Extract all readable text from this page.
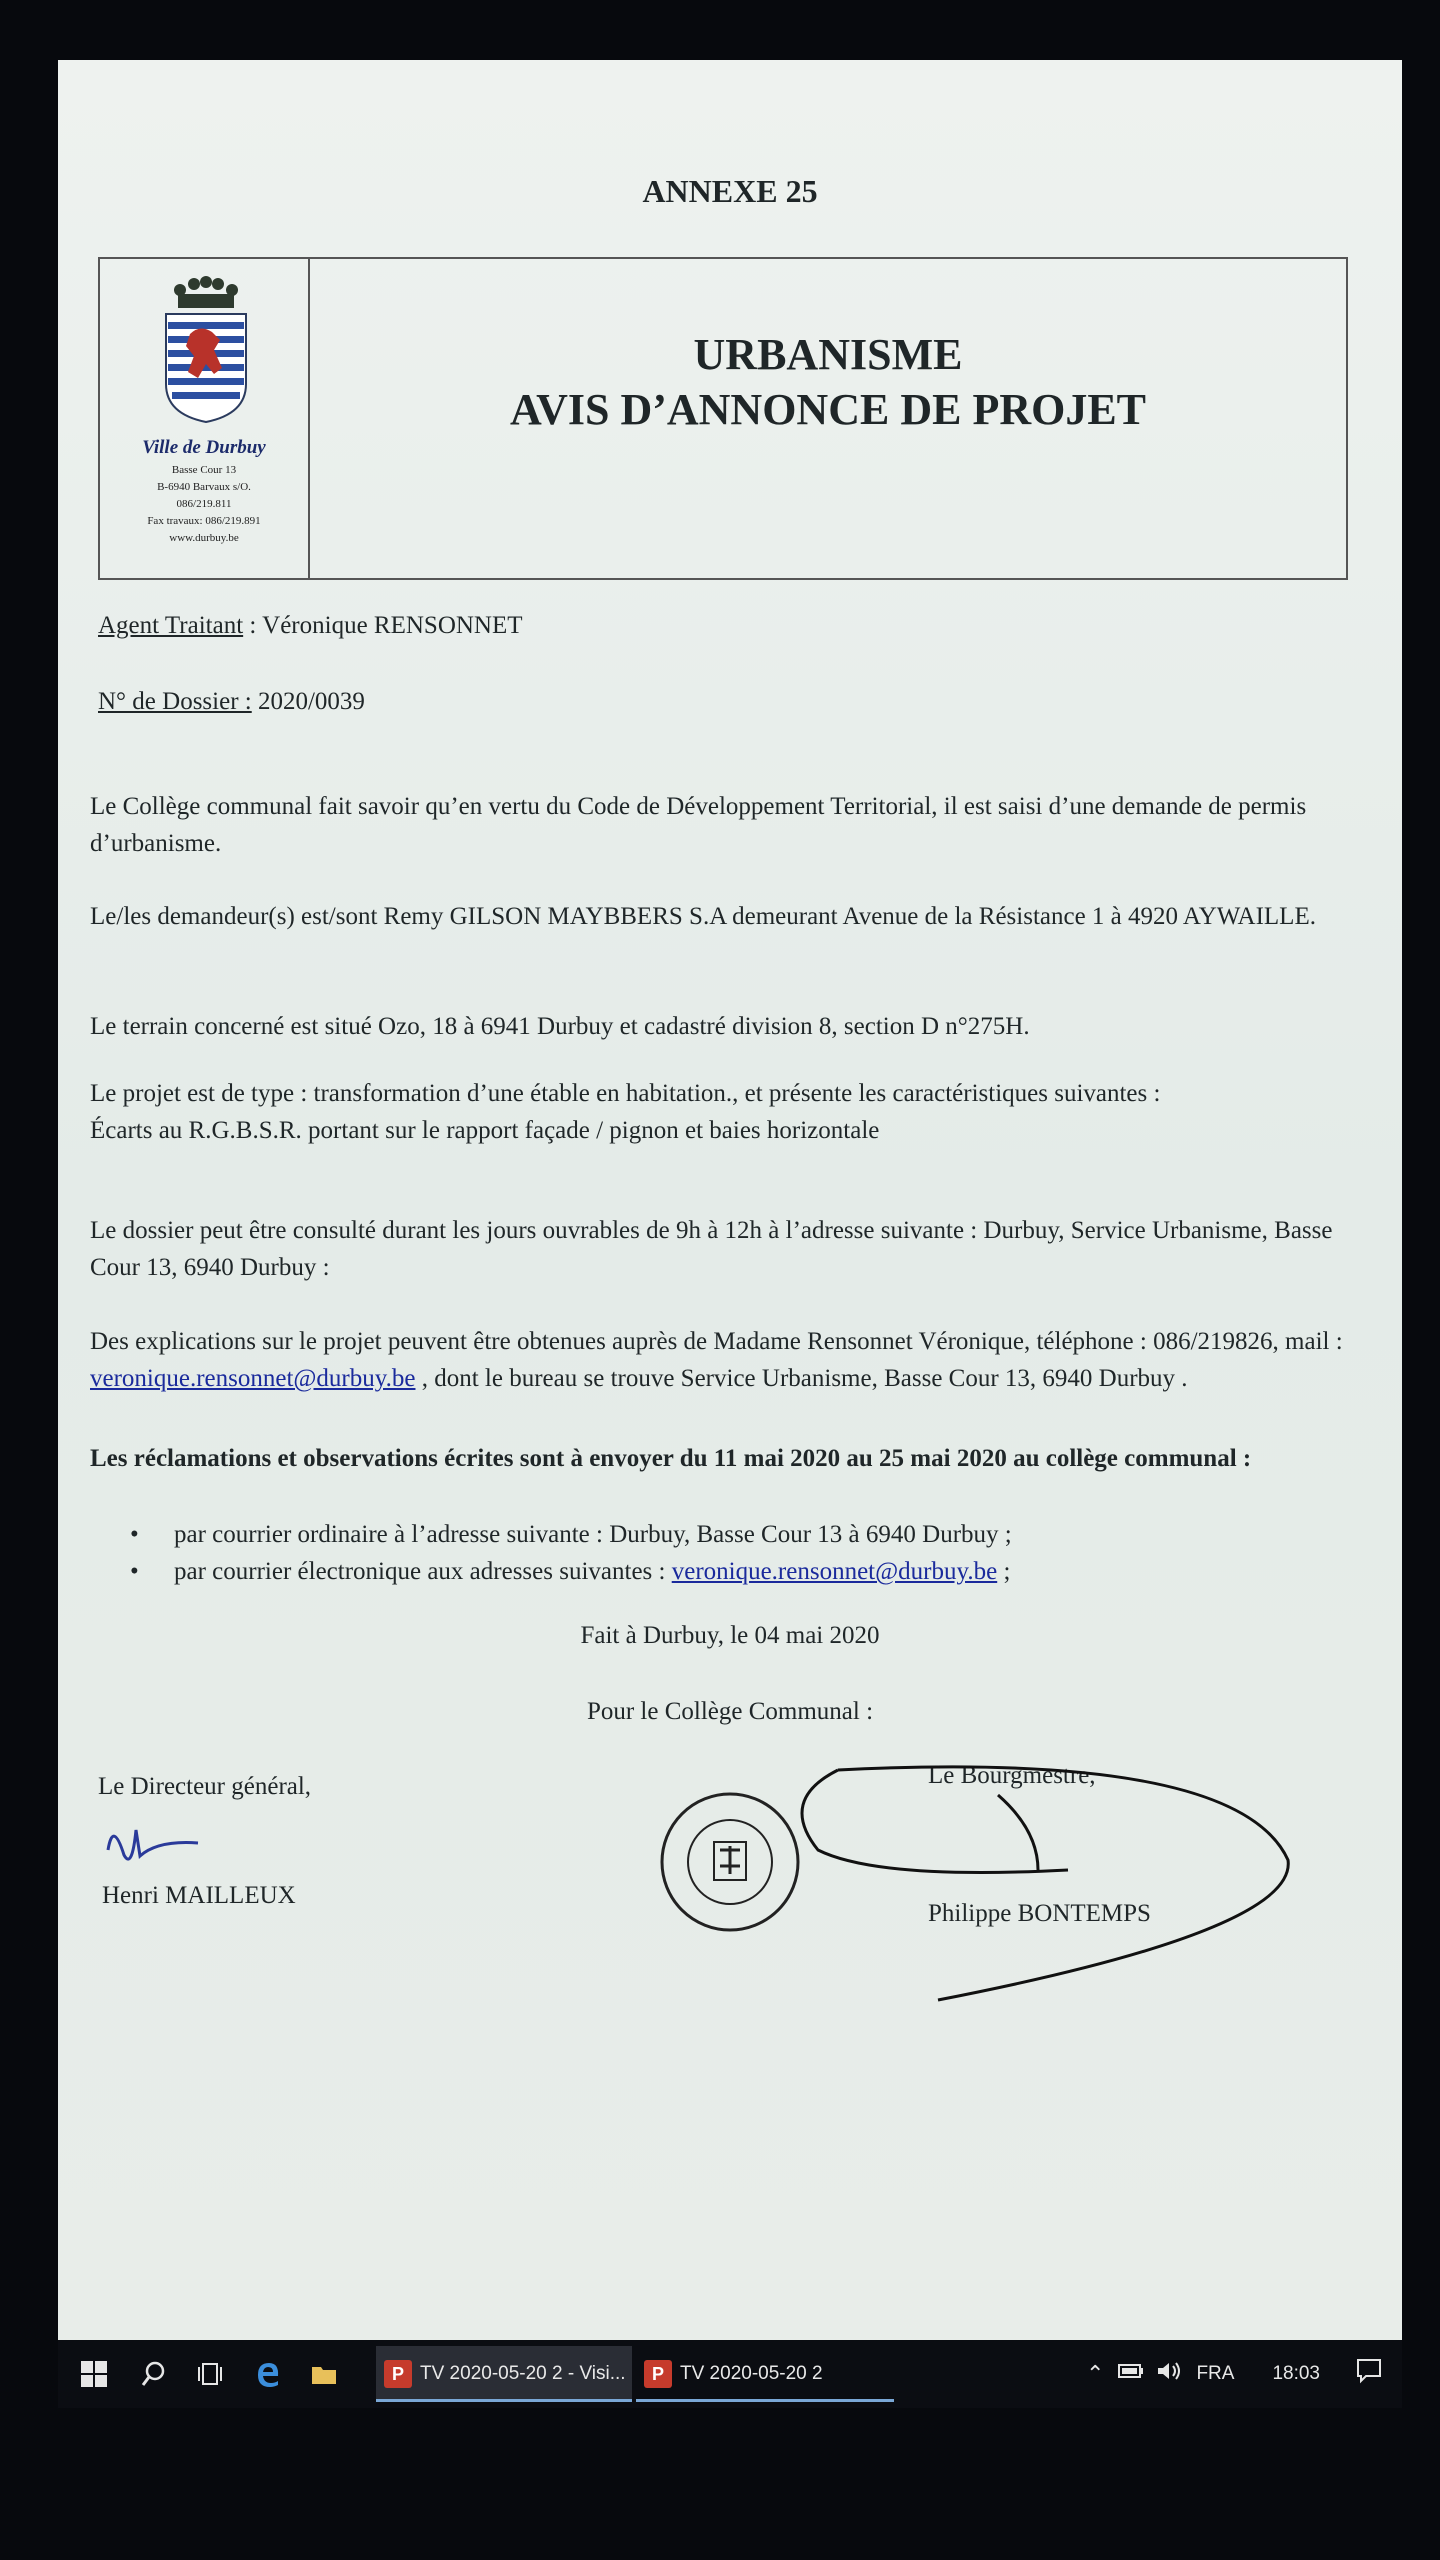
ANNEXE 25
Ville de Durbuy
Basse Cour 13
B-6940 Barvaux s/O.
086/219.811
Fax travaux: 086/219.891
www.durbuy.be
URBANISME
AVIS D’ANNONCE DE PROJET
Agent Traitant : Véronique RENSONNET
N° de Dossier : 2020/0039
Le Collège communal fait savoir qu’en vertu du Code de Développement Territorial, il est saisi d’une demande de permis d’urbanisme.
Le/les demandeur(s) est/sont Remy GILSON MAYBBERS S.A demeurant Avenue de la Résistance 1 à 4920 AYWAILLE.
Le terrain concerné est situé Ozo, 18 à 6941 Durbuy et cadastré division 8, section D n°275H.
Le projet est de type : transformation d’une étable en habitation., et présente les caractéristiques suivantes :
Écarts au R.G.B.S.R. portant sur le rapport façade / pignon et baies horizontale
Le dossier peut être consulté durant les jours ouvrables de 9h à 12h à l’adresse suivante : Durbuy, Service Urbanisme, Basse Cour 13, 6940 Durbuy :
Des explications sur le projet peuvent être obtenues auprès de Madame Rensonnet Véronique, téléphone : 086/219826, mail : veronique.rensonnet@durbuy.be , dont le bureau se trouve Service Urbanisme, Basse Cour 13, 6940 Durbuy .
Les réclamations et observations écrites sont à envoyer du 11 mai 2020 au 25 mai 2020 au collège communal :
•	par courrier ordinaire à l’adresse suivante : Durbuy, Basse Cour 13 à 6940 Durbuy ;
•	par courrier électronique aux adresses suivantes : veronique.rensonnet@durbuy.be ;
Fait à Durbuy, le 04 mai 2020
Pour le Collège Communal :
Le Directeur général,
Henri MAILLEUX
Le Bourgmestre,
Philippe BONTEMPS
P TV 2020-05-20 2 - Visi...	P TV 2020-05-20 2	⌃	FRA 18:03
